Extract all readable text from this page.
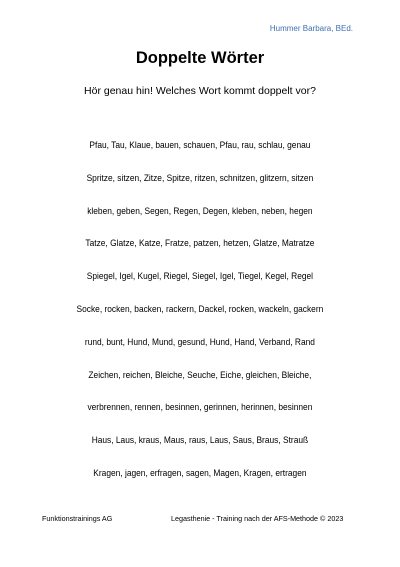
Hummer Barbara, BEd.
Doppelte Wörter

Hör genau hin! Welches Wort kommt doppelt vor?

Pfau, Tau, Klaue, bauen, schauen, Pfau, rau, schlau, genau
Spritze, sitzen, Zitze, Spitze, ritzen, schnitzen, glitzern, sitzen
kleben, geben, Segen, Regen, Degen, kleben, neben, hegen
Tatze, Glatze, Katze, Fratze, patzen, hetzen, Glatze, Matratze
Spiegel, Igel, Kugel, Riegel, Siegel, Igel, Tiegel, Kegel, Regel
Socke, rocken, backen, rackern, Dackel, rocken, wackeln, gackern
rund, bunt, Hund, Mund, gesund, Hund, Hand, Verband, Rand
Zeichen, reichen, Bleiche, Seuche, Eiche, gleichen, Bleiche,
verbrennen, rennen, besinnen, gerinnen, herinnen, besinnen
Haus, Laus, kraus, Maus, raus, Laus, Saus, Braus, Strauß
Kragen, jagen, erfragen, sagen, Magen, Kragen, ertragen
Funktionstrainings AG	Legasthenie - Training nach der AFS-Methode © 2023
